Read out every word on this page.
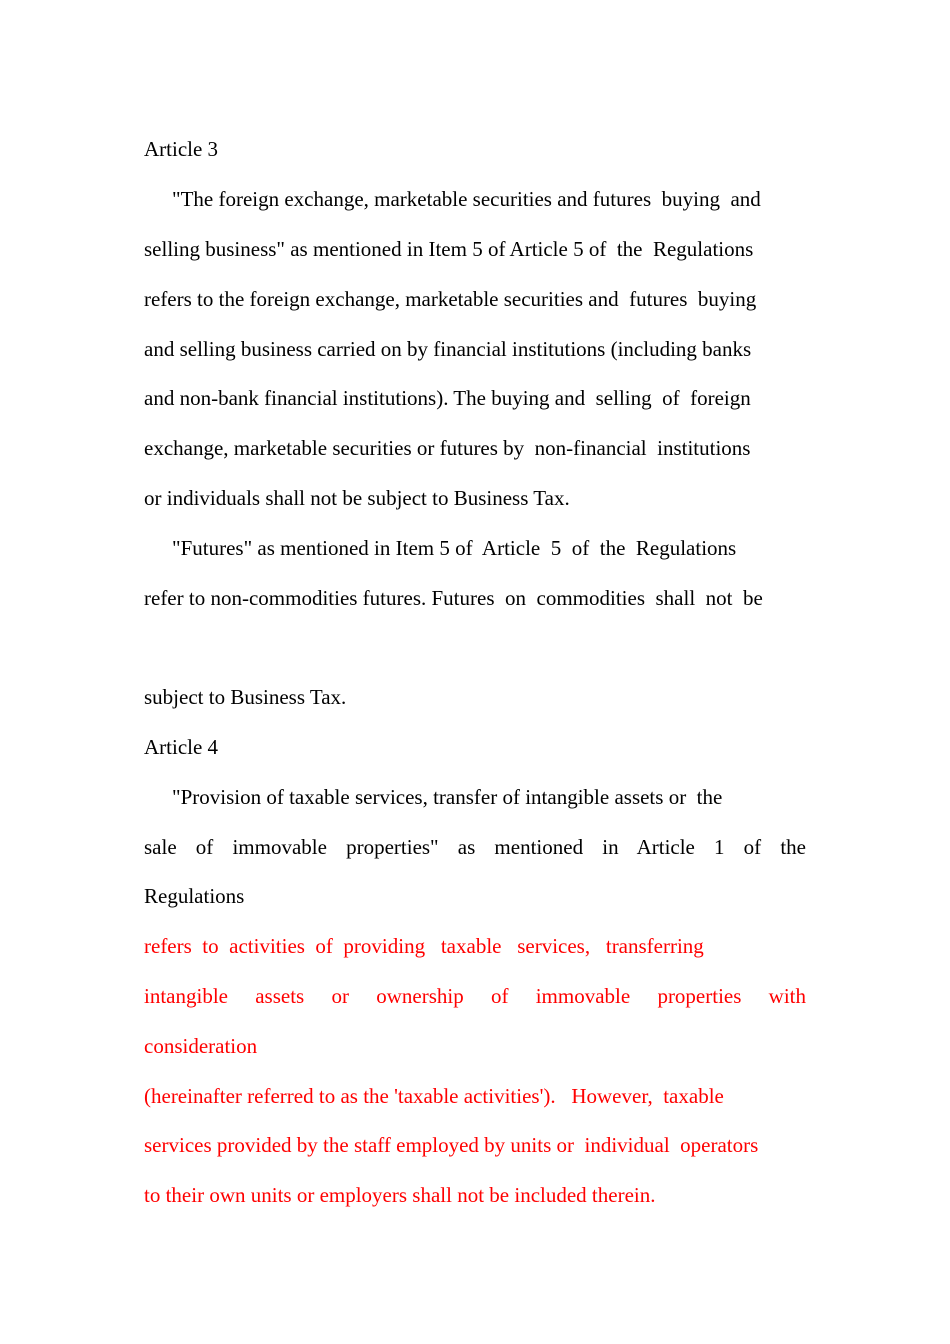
Article 3

"The foreign exchange, marketable securities and futures  buying  and

selling business" as mentioned in Item 5 of Article 5 of  the  Regulations

refers to the foreign exchange, marketable securities and  futures  buying

and selling business carried on by financial institutions (including banks

and non-bank financial institutions). The buying and  selling  of  foreign

exchange, marketable securities or futures by  non-financial  institutions

or individuals shall not be subject to Business Tax.

"Futures" as mentioned in Item 5 of  Article  5  of  the  Regulations

refer to non-commodities futures. Futures  on  commodities  shall  not  be

subject to Business Tax.

Article 4

"Provision of taxable services, transfer of intangible assets or  the

sale of immovable properties" as mentioned in Article 1 of the

Regulations

refers  to  activities  of  providing   taxable   services,   transferring

intangible assets or ownership of immovable properties with

consideration

(hereinafter referred to as the 'taxable activities').   However,  taxable

services provided by the staff employed by units or  individual  operators

to their own units or employers shall not be included therein.
